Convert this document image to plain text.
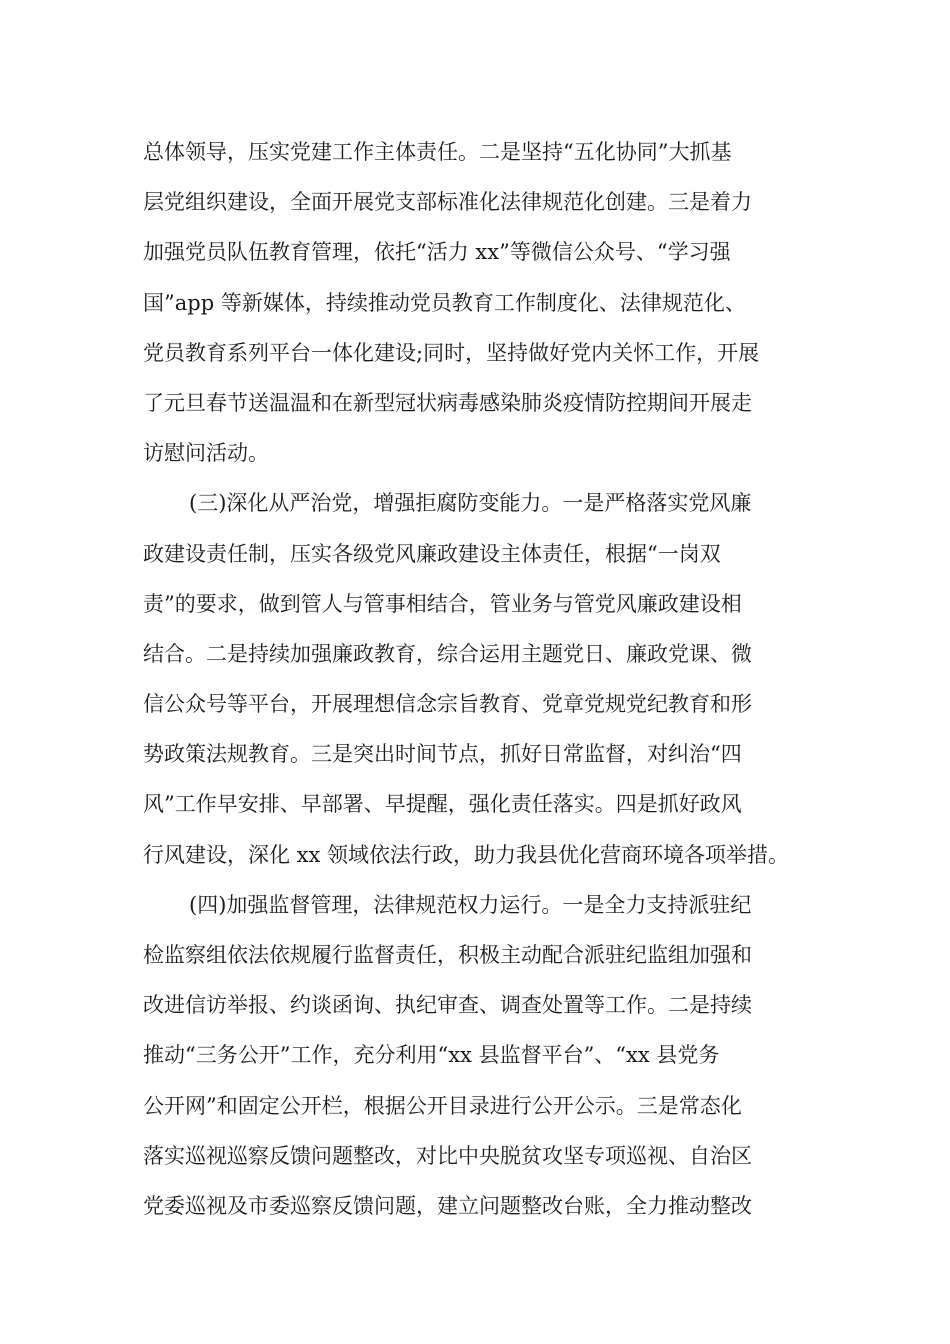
总体领导，压实党建工作主体责任。二是坚持“五化协同”大抓基
层党组织建设，全面开展党支部标准化法律规范化创建。三是着力
加强党员队伍教育管理，依托“活力 xx”等微信公众号、“学习强
国”app 等新媒体，持续推动党员教育工作制度化、法律规范化、
党员教育系列平台一体化建设;同时，坚持做好党内关怀工作，开展
了元旦春节送温温和在新型冠状病毒感染肺炎疫情防控期间开展走
访慰问活动。
(三)深化从严治党，增强拒腐防变能力。一是严格落实党风廉
政建设责任制，压实各级党风廉政建设主体责任，根据“一岗双
责”的要求，做到管人与管事相结合，管业务与管党风廉政建设相
结合。二是持续加强廉政教育，综合运用主题党日、廉政党课、微
信公众号等平台，开展理想信念宗旨教育、党章党规党纪教育和形
势政策法规教育。三是突出时间节点，抓好日常监督，对纠治“四
风”工作早安排、早部署、早提醒，强化责任落实。四是抓好政风
行风建设，深化 xx 领域依法行政，助力我县优化营商环境各项举措。
(四)加强监督管理，法律规范权力运行。一是全力支持派驻纪
检监察组依法依规履行监督责任，积极主动配合派驻纪监组加强和
改进信访举报、约谈函询、执纪审查、调查处置等工作。二是持续
推动“三务公开”工作，充分利用“xx 县监督平台”、“xx 县党务
公开网”和固定公开栏，根据公开目录进行公开公示。三是常态化
落实巡视巡察反馈问题整改，对比中央脱贫攻坚专项巡视、自治区
党委巡视及市委巡察反馈问题，建立问题整改台账，全力推动整改
